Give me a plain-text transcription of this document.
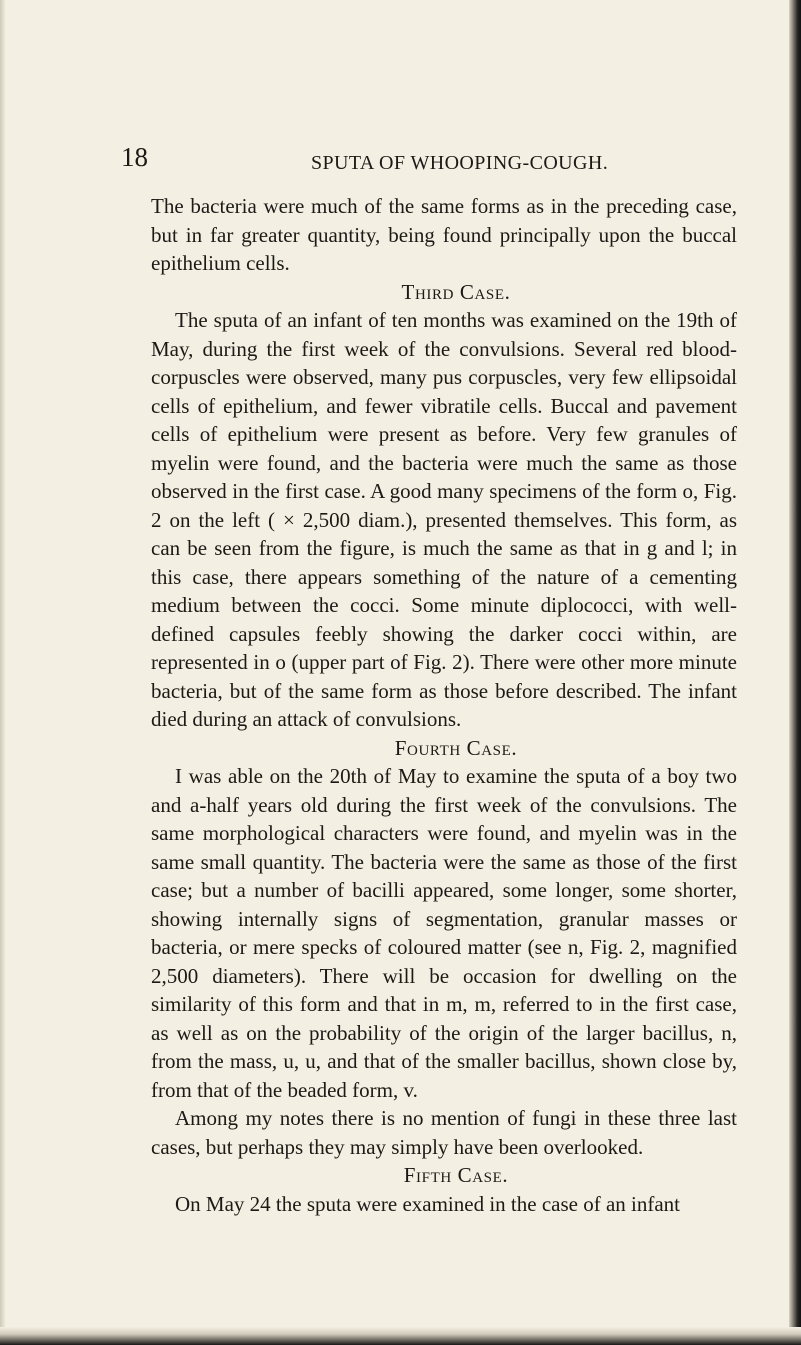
18	SPUTA OF WHOOPING-COUGH.

The bacteria were much of the same forms as in the preceding case, but in far greater quantity, being found principally upon the buccal epithelium cells.

Third Case.

The sputa of an infant of ten months was examined on the 19th of May, during the first week of the convulsions. Several red blood-corpuscles were observed, many pus corpuscles, very few ellipsoidal cells of epithelium, and fewer vibratile cells. Buccal and pavement cells of epithelium were present as before. Very few granules of myelin were found, and the bacteria were much the same as those observed in the first case. A good many specimens of the form o, Fig. 2 on the left ( × 2,500 diam.), presented themselves. This form, as can be seen from the figure, is much the same as that in g and l; in this case, there appears something of the nature of a cementing medium between the cocci. Some minute diplococci, with well-defined capsules feebly showing the darker cocci within, are represented in o (upper part of Fig. 2). There were other more minute bacteria, but of the same form as those before described. The infant died during an attack of convulsions.

Fourth Case.

I was able on the 20th of May to examine the sputa of a boy two and a-half years old during the first week of the convulsions. The same morphological characters were found, and myelin was in the same small quantity. The bacteria were the same as those of the first case; but a number of bacilli appeared, some longer, some shorter, showing internally signs of segmentation, granular masses or bacteria, or mere specks of coloured matter (see n, Fig. 2, magnified 2,500 diameters). There will be occasion for dwelling on the similarity of this form and that in m, m, referred to in the first case, as well as on the probability of the origin of the larger bacillus, n, from the mass, u, u, and that of the smaller bacillus, shown close by, from that of the beaded form, v.

Among my notes there is no mention of fungi in these three last cases, but perhaps they may simply have been overlooked.

Fifth Case.

On May 24 the sputa were examined in the case of an infant
